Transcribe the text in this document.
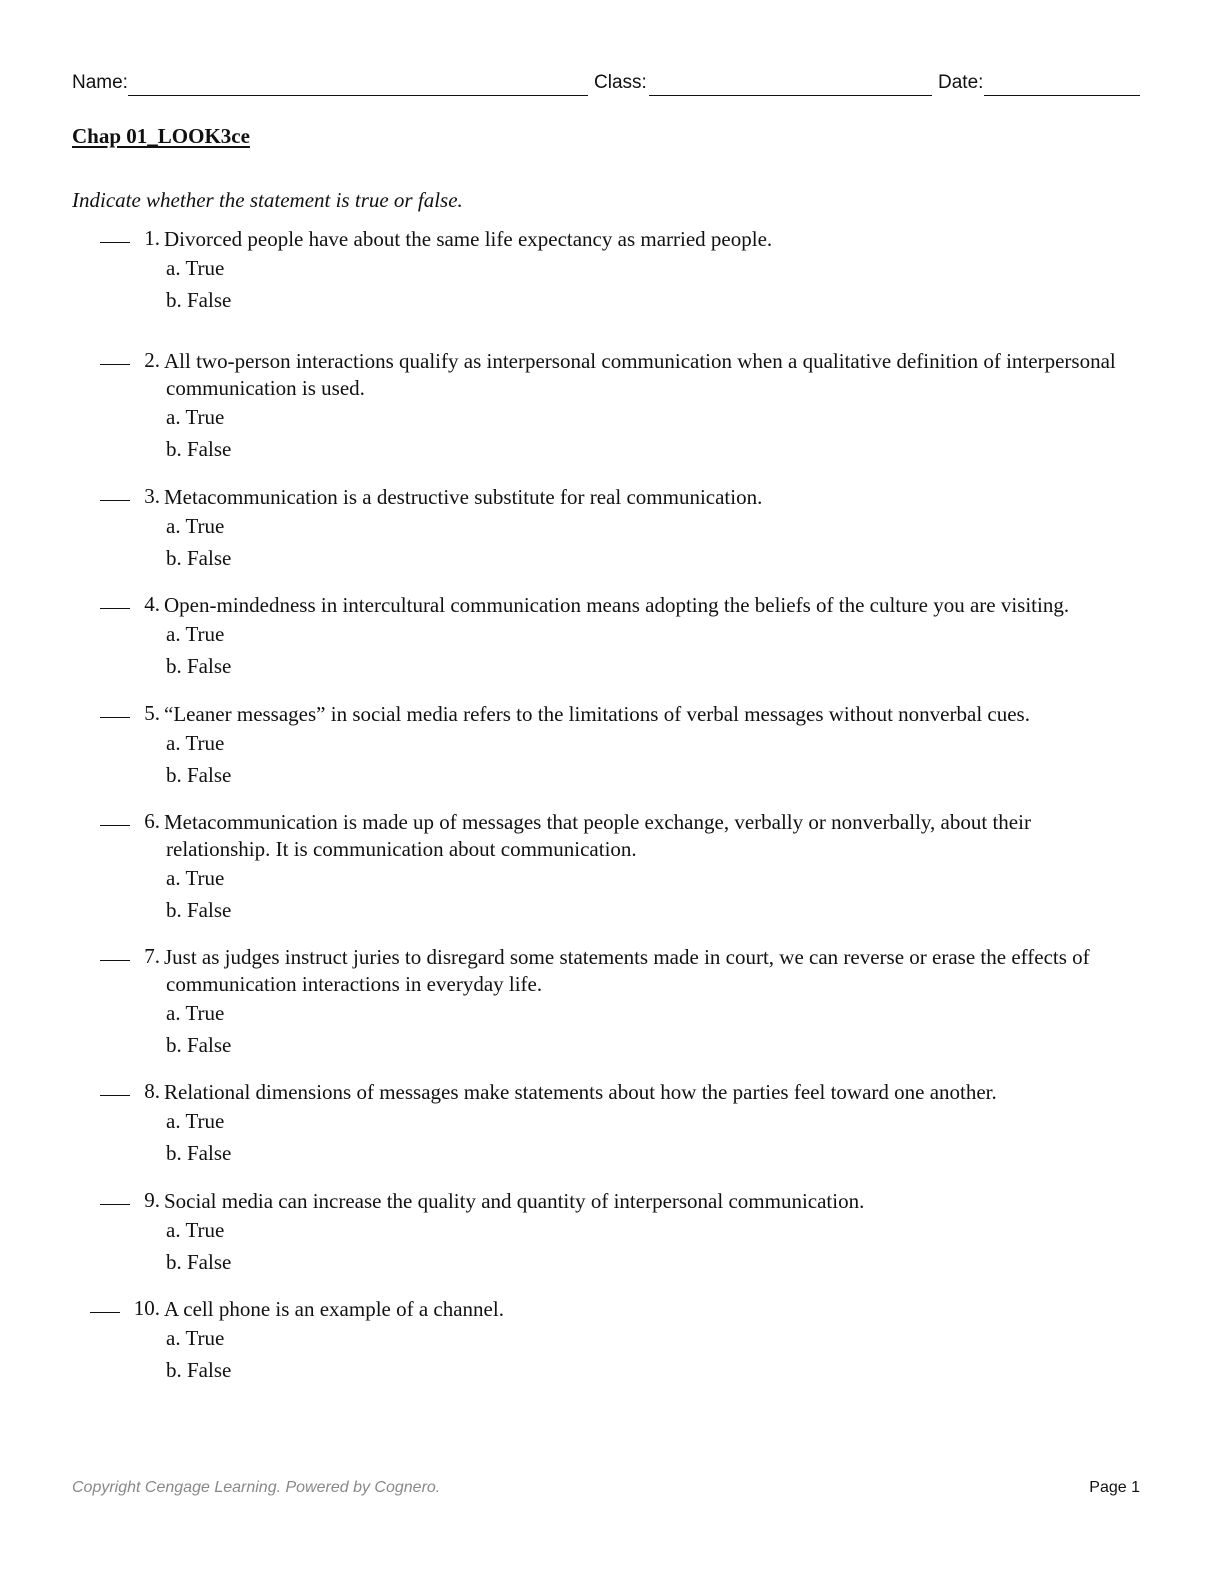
Name:	Class:	Date:
Chap 01_LOOK3ce
Indicate whether the statement is true or false.
1. Divorced people have about the same life expectancy as married people.
a. True
b. False
2. All two-person interactions qualify as interpersonal communication when a qualitative definition of interpersonal communication is used.
a. True
b. False
3. Metacommunication is a destructive substitute for real communication.
a. True
b. False
4. Open-mindedness in intercultural communication means adopting the beliefs of the culture you are visiting.
a. True
b. False
5. “Leaner messages” in social media refers to the limitations of verbal messages without nonverbal cues.
a. True
b. False
6. Metacommunication is made up of messages that people exchange, verbally or nonverbally, about their relationship. It is communication about communication.
a. True
b. False
7. Just as judges instruct juries to disregard some statements made in court, we can reverse or erase the effects of communication interactions in everyday life.
a. True
b. False
8. Relational dimensions of messages make statements about how the parties feel toward one another.
a. True
b. False
9. Social media can increase the quality and quantity of interpersonal communication.
a. True
b. False
10. A cell phone is an example of a channel.
a. True
b. False
Copyright Cengage Learning. Powered by Cognero.	Page 1
